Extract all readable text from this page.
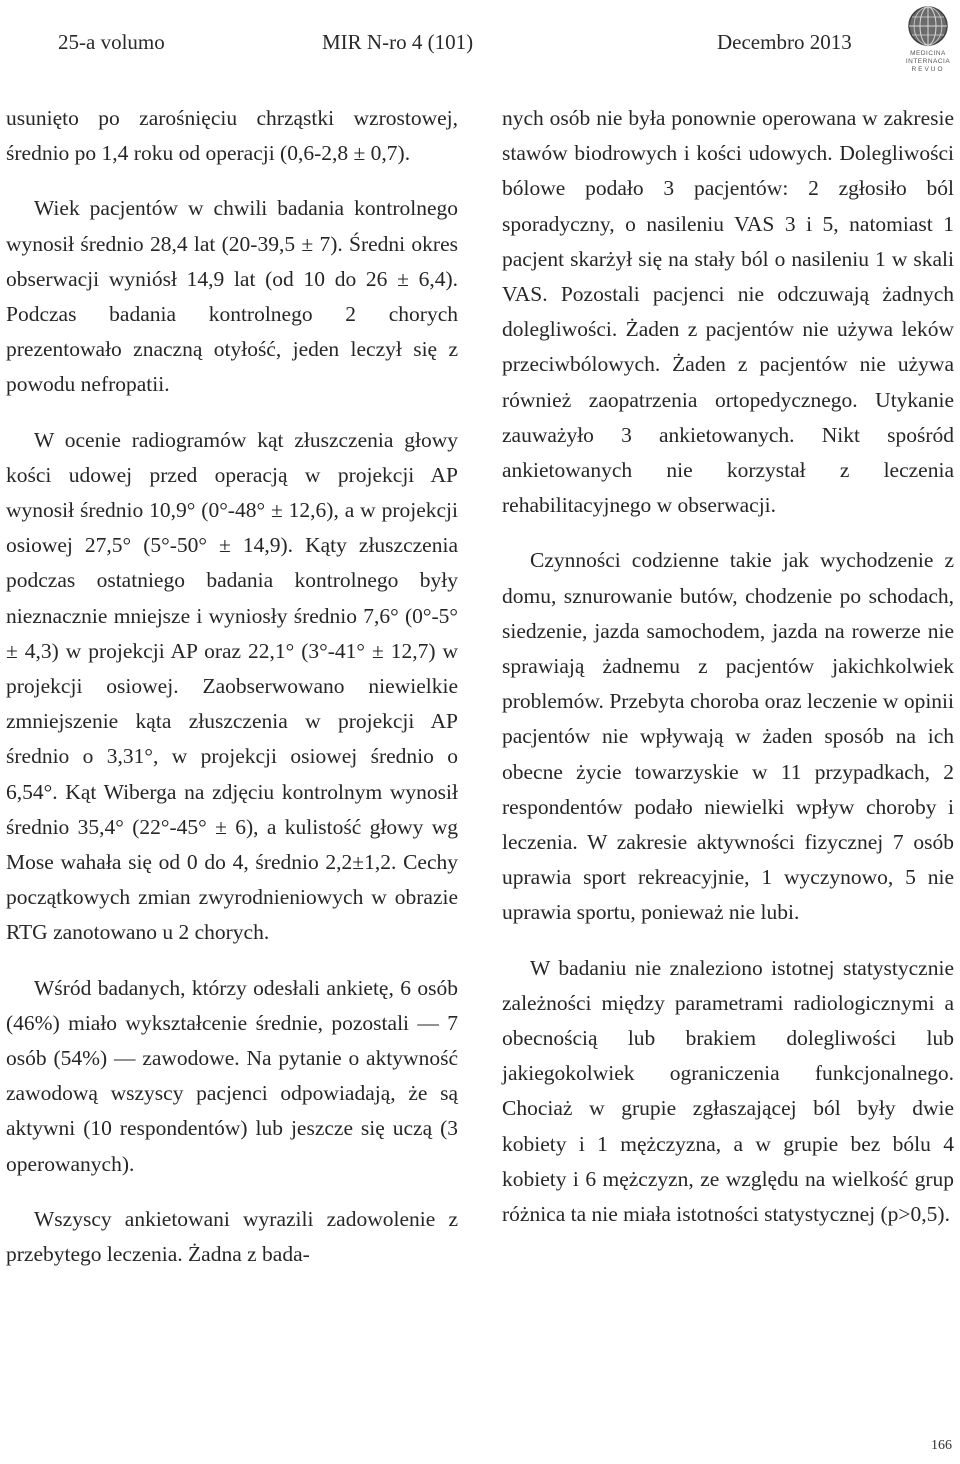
25-a volumo	MIR N-ro 4 (101)	Decembro 2013	MEDICINA
INTERNACIA
REVUO

usunięto po zarośnięciu chrząstki wzrostowej, średnio po 1,4 roku od operacji (0,6-2,8 ± 0,7).

Wiek pacjentów w chwili badania kontrolnego wynosił średnio 28,4 lat (20-39,5 ± 7). Średni okres obserwacji wyniósł 14,9 lat (od 10 do 26 ± 6,4). Podczas badania kontrolnego 2 chorych prezentowało znaczną otyłość, jeden leczył się z powodu nefropatii.

W ocenie radiogramów kąt złuszczenia głowy kości udowej przed operacją w projekcji AP wynosił średnio 10,9° (0°-48° ± 12,6), a w projekcji osiowej 27,5° (5°-50° ± 14,9). Kąty złuszczenia podczas ostatniego badania kontrolnego były nieznacznie mniejsze i wyniosły średnio 7,6° (0°-5° ± 4,3) w projekcji AP oraz 22,1° (3°-41° ± 12,7) w projekcji osiowej. Zaobserwowano niewielkie zmniejszenie kąta złuszczenia w projekcji AP średnio o 3,31°, w projekcji osiowej średnio o 6,54°. Kąt Wiberga na zdjęciu kontrolnym wynosił średnio 35,4° (22°-45° ± 6), a kulistość głowy wg Mose wahała się od 0 do 4, średnio 2,2±1,2. Cechy początkowych zmian zwyrodnieniowych w obrazie RTG zanotowano u 2 chorych.

Wśród badanych, którzy odesłali ankietę, 6 osób (46%) miało wykształcenie średnie, pozostali — 7 osób (54%) — zawodowe. Na pytanie o aktywność zawodową wszyscy pacjenci odpowiadają, że są aktywni (10 respondentów) lub jeszcze się uczą (3 operowanych).

Wszyscy ankietowani wyrazili zadowolenie z przebytego leczenia. Żadna z bada-

nych osób nie była ponownie operowana w zakresie stawów biodrowych i kości udowych. Dolegliwości bólowe podało 3 pacjentów: 2 zgłosiło ból sporadyczny, o nasileniu VAS 3 i 5, natomiast 1 pacjent skarżył się na stały ból o nasileniu 1 w skali VAS. Pozostali pacjenci nie odczuwają żadnych dolegliwości. Żaden z pacjentów nie używa leków przeciwbólowych. Żaden z pacjentów nie używa również zaopatrzenia ortopedycznego. Utykanie zauważyło 3 ankietowanych. Nikt spośród ankietowanych nie korzystał z leczenia rehabilitacyjnego w obserwacji.

Czynności codzienne takie jak wychodzenie z domu, sznurowanie butów, chodzenie po schodach, siedzenie, jazda samochodem, jazda na rowerze nie sprawiają żadnemu z pacjentów jakichkolwiek problemów. Przebyta choroba oraz leczenie w opinii pacjentów nie wpływają w żaden sposób na ich obecne życie towarzyskie w 11 przypadkach, 2 respondentów podało niewielki wpływ choroby i leczenia. W zakresie aktywności fizycznej 7 osób uprawia sport rekreacyjnie, 1 wyczynowo, 5 nie uprawia sportu, ponieważ nie lubi.

W badaniu nie znaleziono istotnej statystycznie zależności między parametrami radiologicznymi a obecnością lub brakiem dolegliwości lub jakiegokolwiek ograniczenia funkcjonalnego. Chociaż w grupie zgłaszającej ból były dwie kobiety i 1 mężczyzna, a w grupie bez bólu 4 kobiety i 6 mężczyzn, ze względu na wielkość grup różnica ta nie miała istotności statystycznej (p>0,5).

166
